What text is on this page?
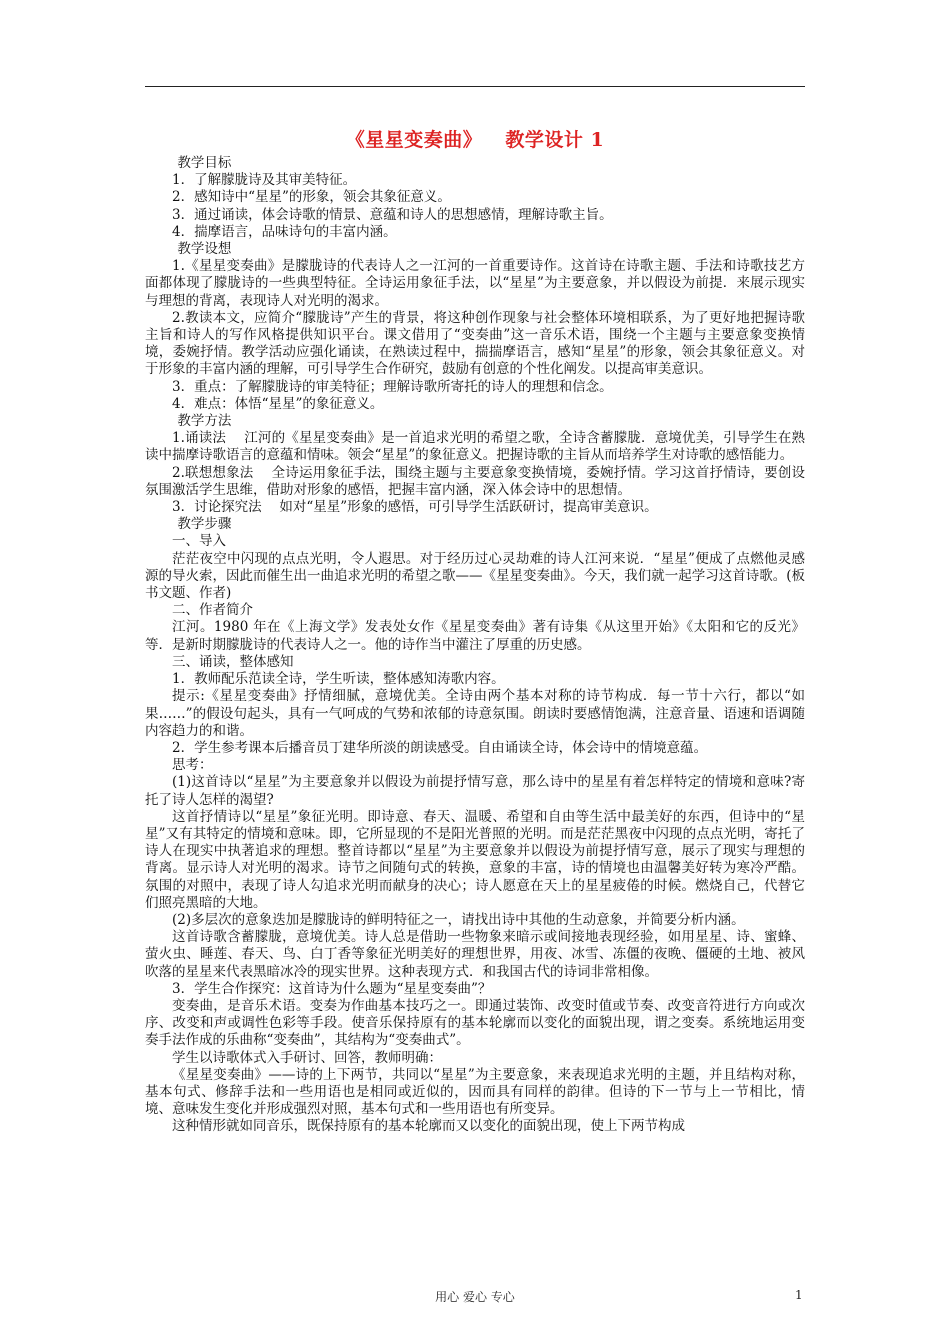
《星星变奏曲》 教学设计 1

教学目标

1．了解朦胧诗及其审美特征。

2．感知诗中“星星”的形象，领会其象征意义。

3．通过诵读，体会诗歌的情景、意蕴和诗人的思想感情，理解诗歌主旨。

4．揣摩语言，品味诗句的丰富内涵。

教学设想

1.《星星变奏曲》是朦胧诗的代表诗人之一江河的一首重要诗作。这首诗在诗歌主题、手法和诗歌技艺方面都体现了朦胧诗的一些典型特征。全诗运用象征手法，以“星星”为主要意象，并以假设为前提．来展示现实与理想的背离，表现诗人对光明的渴求。

2.教读本文，应简介“朦胧诗”产生的背景，将这种创作现象与社会整体环境相联系，为了更好地把握诗歌主旨和诗人的写作风格提供知识平台。课文借用了“变奏曲”这一音乐术语，围绕一个主题与主要意象变换情境，委婉抒情。教学活动应强化诵读，在熟读过程中，揣揣摩语言，感知“星星”的形象，领会其象征意义。对于形象的丰富内涵的理解，可引导学生合作研究，鼓励有创意的个性化阐发。以提高审美意识。

3．重点：了解朦胧诗的审美特征；理解诗歌所寄托的诗人的理想和信念。

4．难点：体悟“星星”的象征意义。

教学方法

1.诵读法　 江河的《星星变奏曲》是一首追求光明的希望之歌，全诗含蓄朦胧．意境优美，引导学生在熟读中揣摩诗歌语言的意蕴和情味。领会“星星”的象征意义。把握诗歌的主旨从而培养学生对诗歌的感悟能力。

2.联想想象法　 全诗运用象征手法，围绕主题与主要意象变换情境，委婉抒情。学习这首抒情诗，要创设氛围激活学生思维，借助对形象的感悟，把握丰富内涵，深入体会诗中的思想情。

3．讨论探究法　 如对“星星”形象的感悟，可引导学生活跃研讨，提高审美意识。

教学步骤

一、导入

茫茫夜空中闪现的点点光明，令人遐思。对于经历过心灵劫难的诗人江河来说．“星星”便成了点燃他灵感源的导火索，因此而催生出一曲追求光明的希望之歌——《星星变奏曲》。今天，我们就一起学习这首诗歌。(板书文题、作者)

二、作者简介

江河。1980 年在《上海文学》发表处女作《星星变奏曲》著有诗集《从这里开始》《太阳和它的反光》等．是新时期朦胧诗的代表诗人之一。他的诗作当中灌注了厚重的历史感。

三、诵读，整体感知

1．教师配乐范读全诗，学生听读，整体感知涛歌内容。

提示:《星星变奏曲》抒情细腻，意境优美。全诗由两个基本对称的诗节构成．每一节十六行，都以“如果……”的假设句起头，具有一气呵成的气势和浓郁的诗意氛围。朗读时要感情饱满，注意音量、语速和语调随内容趋力的和谐。

2．学生参考课本后播音员丁建华所淡的朗读感受。自由诵读全诗，体会诗中的情境意蕴。

思考：

(1)这首诗以“星星”为主要意象并以假设为前提抒情写意，那么诗中的星星有着怎样特定的情境和意味?寄托了诗人怎样的渴望?

这首抒情诗以“星星”象征光明。即诗意、春天、温暖、希望和自由等生活中最美好的东西，但诗中的“星星”又有其特定的情境和意味。即，它所显现的不是阳光普照的光明。而是茫茫黑夜中闪现的点点光明，寄托了诗人在现实中执著追求的理想。整首诗都以“星星”为主要意象并以假设为前提抒情写意，展示了现实与理想的背离。显示诗人对光明的渴求。诗节之间随句式的转换，意象的丰富，诗的情境也由温馨美好转为寒冷严酷。氛围的对照中，表现了诗人勾追求光明而献身的决心；诗人愿意在天上的星星疲倦的时候。燃烧自己，代替它们照亮黑暗的大地。

(2)多层次的意象迭加是朦胧诗的鲜明特征之一，请找出诗中其他的生动意象，并简要分析内涵。

这首诗歌含蓄朦胧，意境优美。诗人总是借助一些物象来暗示或间接地表现经验，如用星星、诗、蜜蜂、萤火虫、睡莲、春天、鸟、白丁香等象征光明美好的理想世界，用夜、冰雪、冻僵的夜晚、僵硬的土地、被风吹落的星星来代表黑暗冰冷的现实世界。这种表现方式．和我国古代的诗词非常相像。

3．学生合作探究：这首诗为什么题为“星星变奏曲”？

变奏曲，是音乐术语。变奏为作曲基本技巧之一。即通过装饰、改变时值或节奏、改变音符进行方向或次序、改变和声或调性色彩等手段。使音乐保持原有的基本轮廓而以变化的面貌出现，谓之变奏。系统地运用变奏手法作成的乐曲称“变奏曲”，其结构为“变奏曲式”。

学生以诗歌体式入手研讨、回答，教师明确：

《星星变奏曲》——诗的上下两节，共同以“星星”为主要意象，来表现追求光明的主题，并且结构对称，基本句式、修辞手法和一些用语也是相同或近似的，因而具有同样的韵律。但诗的下一节与上一节相比，情境、意味发生变化并形成强烈对照，基本句式和一些用语也有所变异。

这种情形就如同音乐，既保持原有的基本轮廓而又以变化的面貌出现，使上下两节构成

用心 爱心 专心	1
